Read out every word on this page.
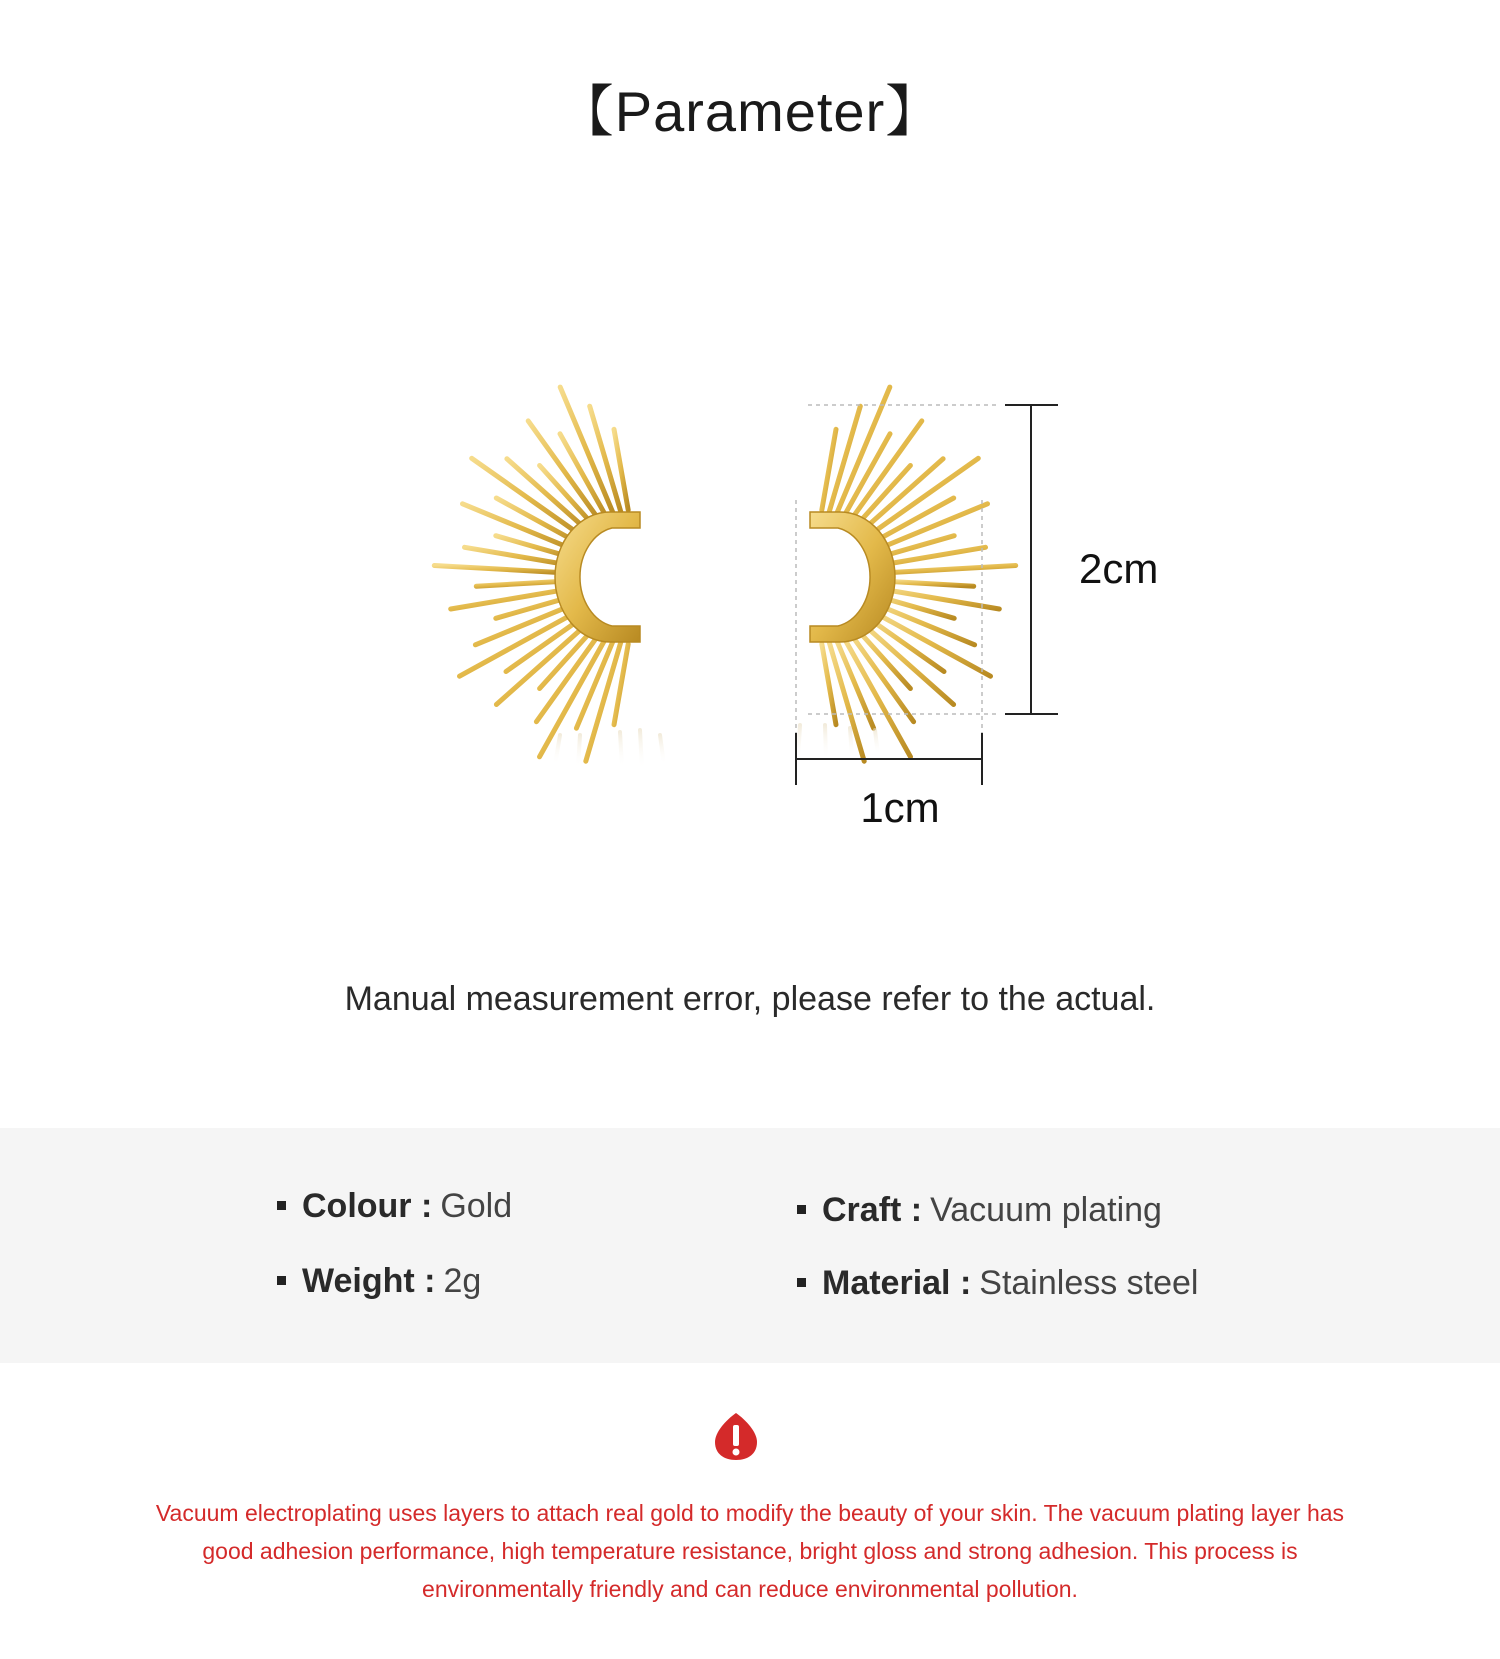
【Parameter】
2cm
1cm
Manual measurement error, please refer to the actual.
Colour : Gold
Weight : 2g
Craft : Vacuum plating
Material : Stainless steel
Vacuum electroplating uses layers to attach real gold to modify the beauty of your skin. The vacuum plating layer has good adhesion performance, high temperature resistance, bright gloss and strong adhesion. This process is environmentally friendly and can reduce environmental pollution.
